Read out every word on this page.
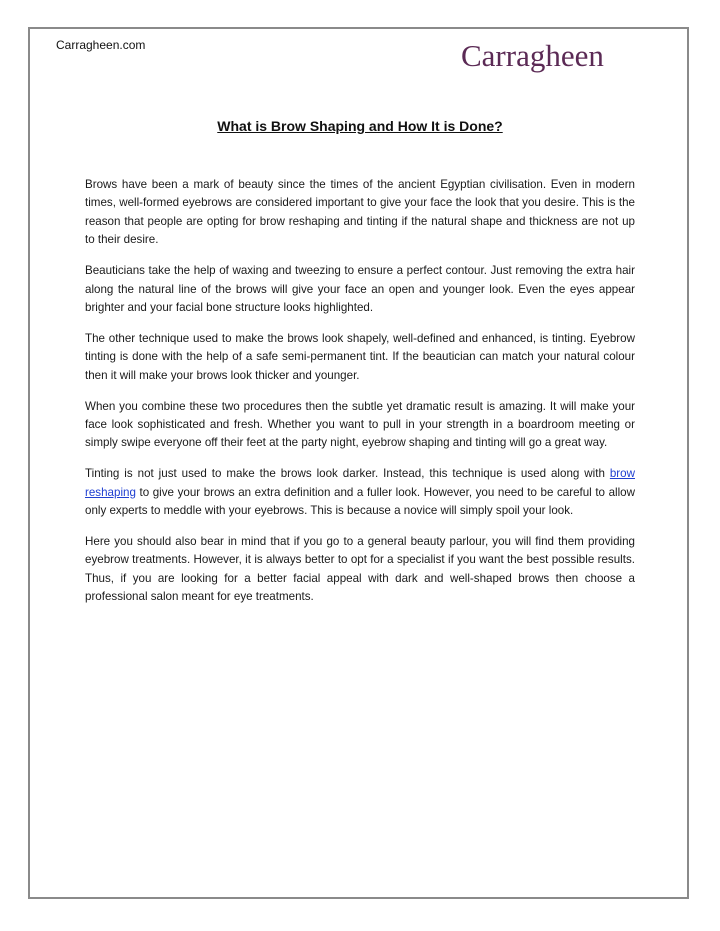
Carragheen.com	Carragheen
What is Brow Shaping and How It is Done?

Brows have been a mark of beauty since the times of the ancient Egyptian civilisation. Even in modern times, well-formed eyebrows are considered important to give your face the look that you desire. This is the reason that people are opting for brow reshaping and tinting if the natural shape and thickness are not up to their desire.

Beauticians take the help of waxing and tweezing to ensure a perfect contour. Just removing the extra hair along the natural line of the brows will give your face an open and younger look. Even the eyes appear brighter and your facial bone structure looks highlighted.

The other technique used to make the brows look shapely, well-defined and enhanced, is tinting. Eyebrow tinting is done with the help of a safe semi-permanent tint. If the beautician can match your natural colour then it will make your brows look thicker and younger.

When you combine these two procedures then the subtle yet dramatic result is amazing. It will make your face look sophisticated and fresh. Whether you want to pull in your strength in a boardroom meeting or simply swipe everyone off their feet at the party night, eyebrow shaping and tinting will go a great way.

Tinting is not just used to make the brows look darker. Instead, this technique is used along with brow reshaping to give your brows an extra definition and a fuller look. However, you need to be careful to allow only experts to meddle with your eyebrows. This is because a novice will simply spoil your look.

Here you should also bear in mind that if you go to a general beauty parlour, you will find them providing eyebrow treatments. However, it is always better to opt for a specialist if you want the best possible results. Thus, if you are looking for a better facial appeal with dark and well-shaped brows then choose a professional salon meant for eye treatments.
